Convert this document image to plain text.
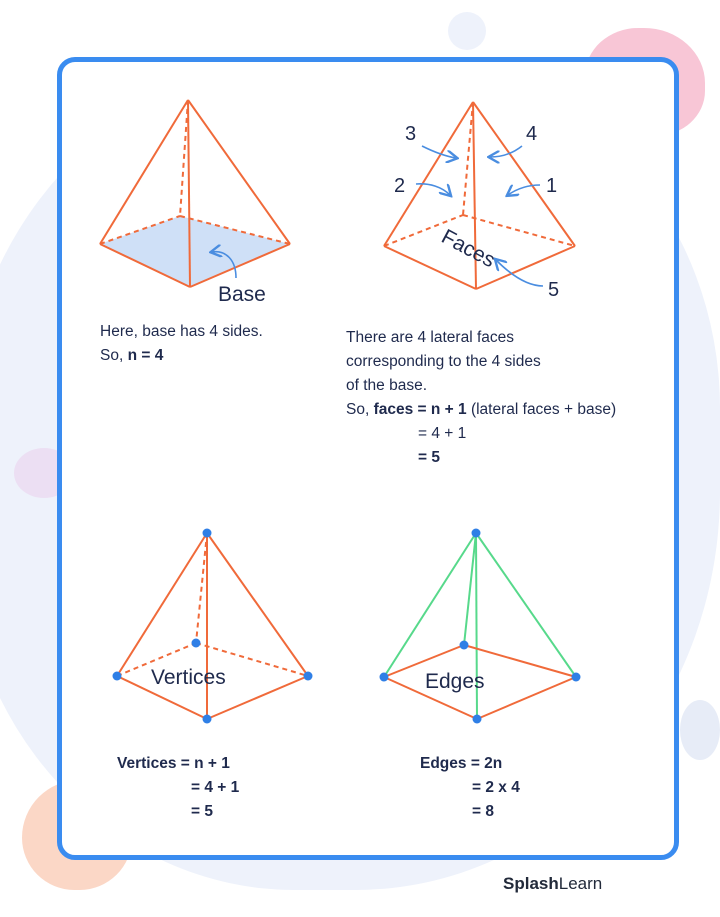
Base
Faces
3	4
2	1
5
Vertices	Edges
Here, base has 4 sides.
So, n = 4
There are 4 lateral faces
corresponding to the 4 sides
of the base.
So, faces = n + 1 (lateral faces + base)
= 4 + 1
= 5
Vertices = n + 1
= 4 + 1
= 5
Edges = 2n
= 2 x 4
= 8
SplashLearn
